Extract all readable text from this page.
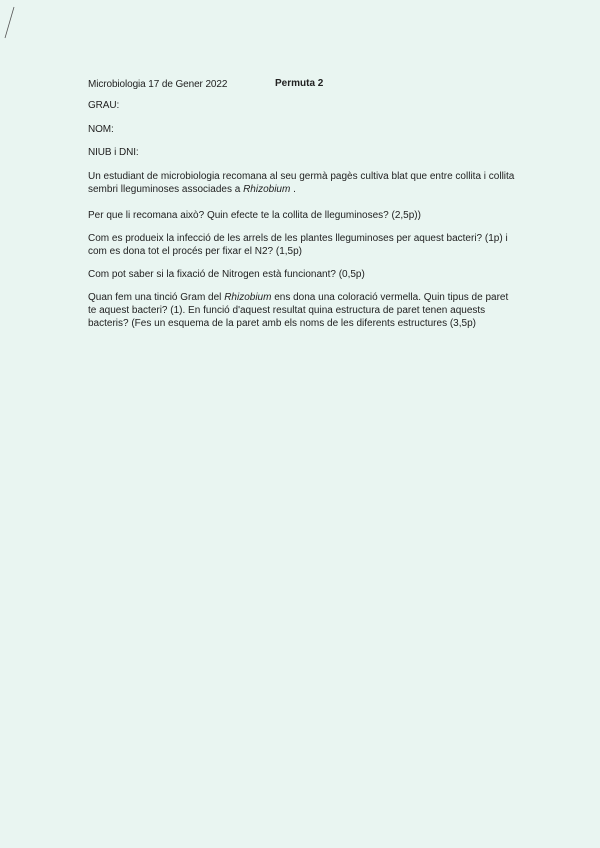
Microbiologia 17 de Gener 2022	Permuta 2
GRAU:
NOM:
NIUB i DNI:
Un estudiant de microbiologia recomana al seu germà pagès cultiva blat que entre collita i collita sembri lleguminoses associades a Rhizobium .
Per que li recomana això? Quin efecte te la collita de lleguminoses? (2,5p))
Com es produeix la infecció de les arrels de les plantes lleguminoses per aquest bacteri? (1p) i com es dona tot el procés per fixar el N2? (1,5p)
Com pot saber si la fixació de Nitrogen està funcionant? (0,5p)
Quan fem una tinció Gram del Rhizobium ens dona una coloració vermella. Quin tipus de paret te aquest bacteri? (1). En funció d'aquest resultat quina estructura de paret tenen aquests bacteris? (Fes un esquema de la paret amb els noms de les diferents estructures (3,5p)
